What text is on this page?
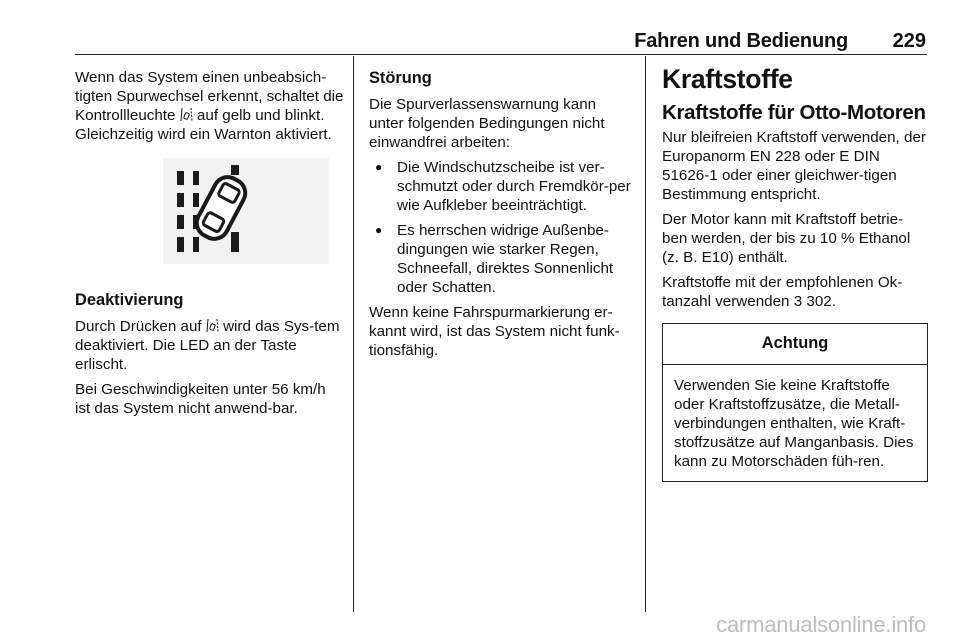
Fahren und Bedienung	229

Wenn das System einen unbeabsich-tigten Spurwechsel erkennt, schaltet die Kontrollleuchte  auf gelb und blinkt. Gleichzeitig wird ein Warnton aktiviert.

Deaktivierung

Durch Drücken auf  wird das Sys-tem deaktiviert. Die LED an der Taste erlischt.

Bei Geschwindigkeiten unter 56 km/h ist das System nicht anwend-bar.

Störung

Die Spurverlassenswarnung kann unter folgenden Bedingungen nicht einwandfrei arbeiten:

● Die Windschutzscheibe ist ver-schmutzt oder durch Fremdkör-per wie Aufkleber beeinträchtigt.
● Es herrschen widrige Außenbe-dingungen wie starker Regen, Schneefall, direktes Sonnenlicht oder Schatten.

Wenn keine Fahrspurmarkierung er-kannt wird, ist das System nicht funk-tionsfähig.

Kraftstoffe
Kraftstoffe für Otto-Motoren

Nur bleifreien Kraftstoff verwenden, der Europanorm EN 228 oder E DIN 51626-1 oder einer gleichwer-tigen Bestimmung entspricht.

Der Motor kann mit Kraftstoff betrie-ben werden, der bis zu 10 % Ethanol (z. B. E10) enthält.

Kraftstoffe mit der empfohlenen Ok-tanzahl verwenden 3 302.

Achtung
Verwenden Sie keine Kraftstoffe oder Kraftstoffzusätze, die Metall-verbindungen enthalten, wie Kraft-stoffzusätze auf Manganbasis. Dies kann zu Motorschäden füh-ren.
carmanualsonline.info
